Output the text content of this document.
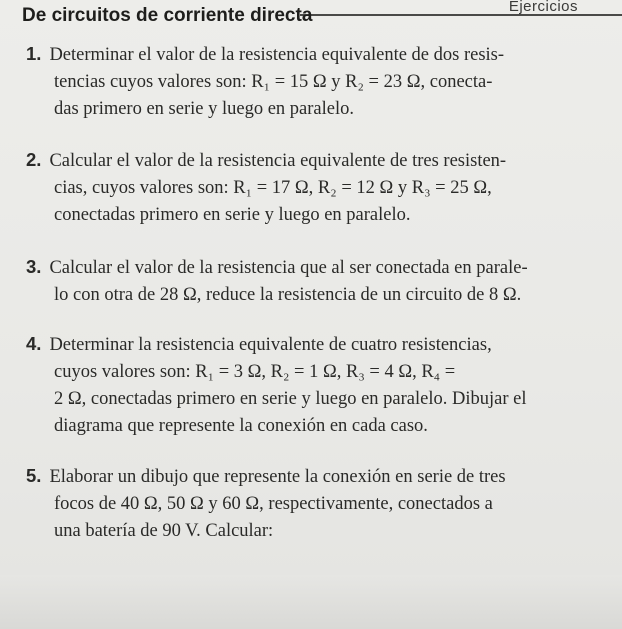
Ejercicios
De circuitos de corriente directa
1. Determinar el valor de la resistencia equivalente de dos resis-
tencias cuyos valores son: R₁ = 15 Ω y R₂ = 23 Ω, conecta-
das primero en serie y luego en paralelo.
2. Calcular el valor de la resistencia equivalente de tres resisten-
cias, cuyos valores son: R₁ = 17 Ω, R₂ = 12 Ω y R₃ = 25 Ω,
conectadas primero en serie y luego en paralelo.
3. Calcular el valor de la resistencia que al ser conectada en parale-
lo con otra de 28 Ω, reduce la resistencia de un circuito de 8 Ω.
4. Determinar la resistencia equivalente de cuatro resistencias,
cuyos valores son: R₁ = 3 Ω, R₂ = 1 Ω, R₃ = 4 Ω, R₄ =
2 Ω, conectadas primero en serie y luego en paralelo. Dibujar el
diagrama que represente la conexión en cada caso.
5. Elaborar un dibujo que represente la conexión en serie de tres
focos de 40 Ω, 50 Ω y 60 Ω, respectivamente, conectados a
una batería de 90 V. Calcular:
